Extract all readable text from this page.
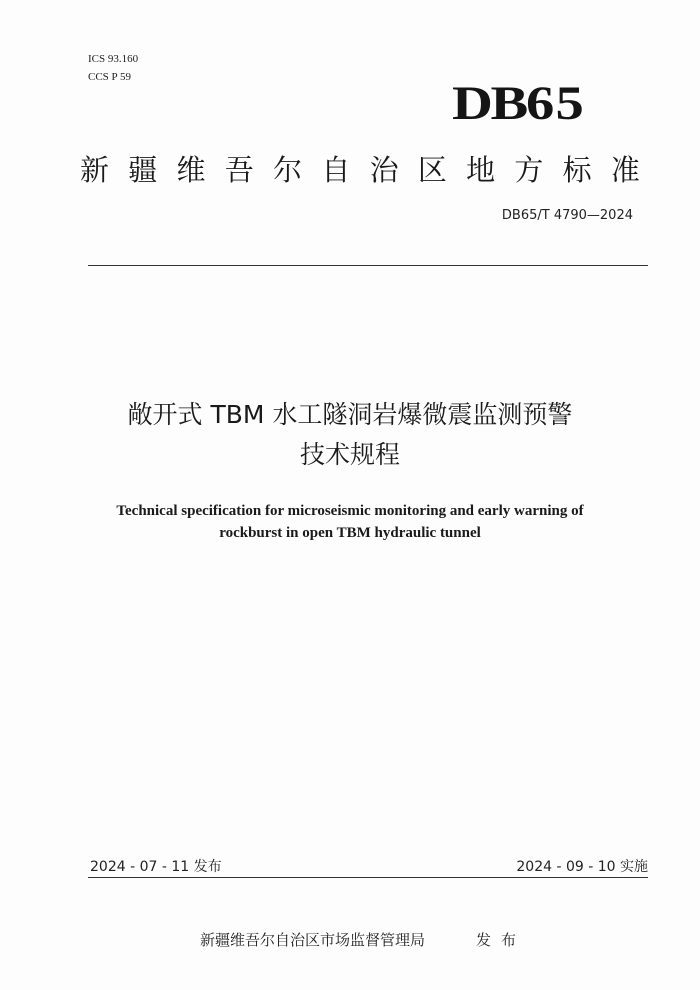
ICS 93.160
CCS P 59	DB65
新 疆 维 吾 尔 自 治 区 地 方 标 准
DB65/T 4790—2024
敞开式 TBM 水工隧洞岩爆微震监测预警
技术规程
Technical specification for microseismic monitoring and early warning of
rockburst in open TBM hydraulic tunnel
2024 - 07 - 11 发布	2024 - 09 - 10 实施
新疆维吾尔自治区市场监督管理局	发布
